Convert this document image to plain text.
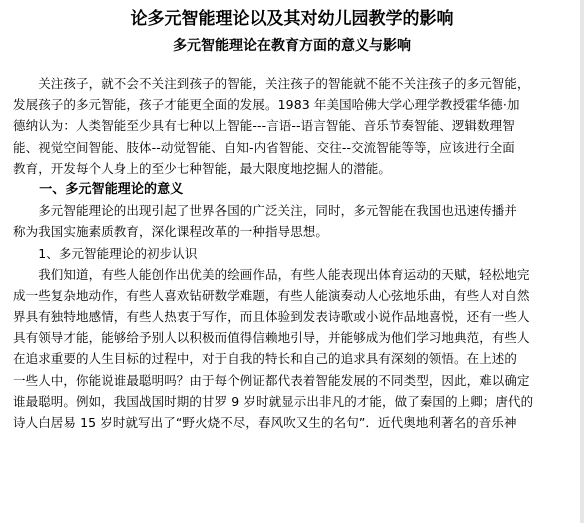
论多元智能理论以及其对幼儿园教学的影响
多元智能理论在教育方面的意义与影响
　　关注孩子，就不会不关注到孩子的智能，关注孩子的智能就不能不关注孩子的多元智能，
发展孩子的多元智能，孩子才能更全面的发展。1983 年美国哈佛大学心理学教授霍华德·加
德纳认为：人类智能至少具有七种以上智能---言语--语言智能、音乐节奏智能、逻辑数理智
能、视觉空间智能、肢体--动觉智能、自知-内省智能、交往--交流智能等等，应该进行全面
教育，开发每个人身上的至少七种智能，最大限度地挖掘人的潜能。
　　一、多元智能理论的意义
　　多元智能理论的出现引起了世界各国的广泛关注，同时，多元智能在我国也迅速传播并
称为我国实施素质教育，深化课程改革的一种指导思想。
　　1、多元智能理论的初步认识
　　我们知道，有些人能创作出优美的绘画作品，有些人能表现出体育运动的天赋，轻松地完
成一些复杂地动作，有些人喜欢钻研数学难题，有些人能演奏动人心弦地乐曲，有些人对自然
界具有独特地感情，有些人热衷于写作，而且体验到发表诗歌或小说作品地喜悦，还有一些人
具有领导才能，能够给予别人以积极而值得信赖地引导，并能够成为他们学习地典范，有些人
在追求重要的人生目标的过程中，对于自我的特长和自己的追求具有深刻的领悟。在上述的
一些人中，你能说谁最聪明吗？由于每个例证都代表着智能发展的不同类型，因此，难以确定
谁最聪明。例如，我国战国时期的甘罗 9 岁时就显示出非凡的才能，做了秦国的上卿；唐代的
诗人白居易 15 岁时就写出了“野火烧不尽，春风吹又生的名句”．近代奥地利著名的音乐神
